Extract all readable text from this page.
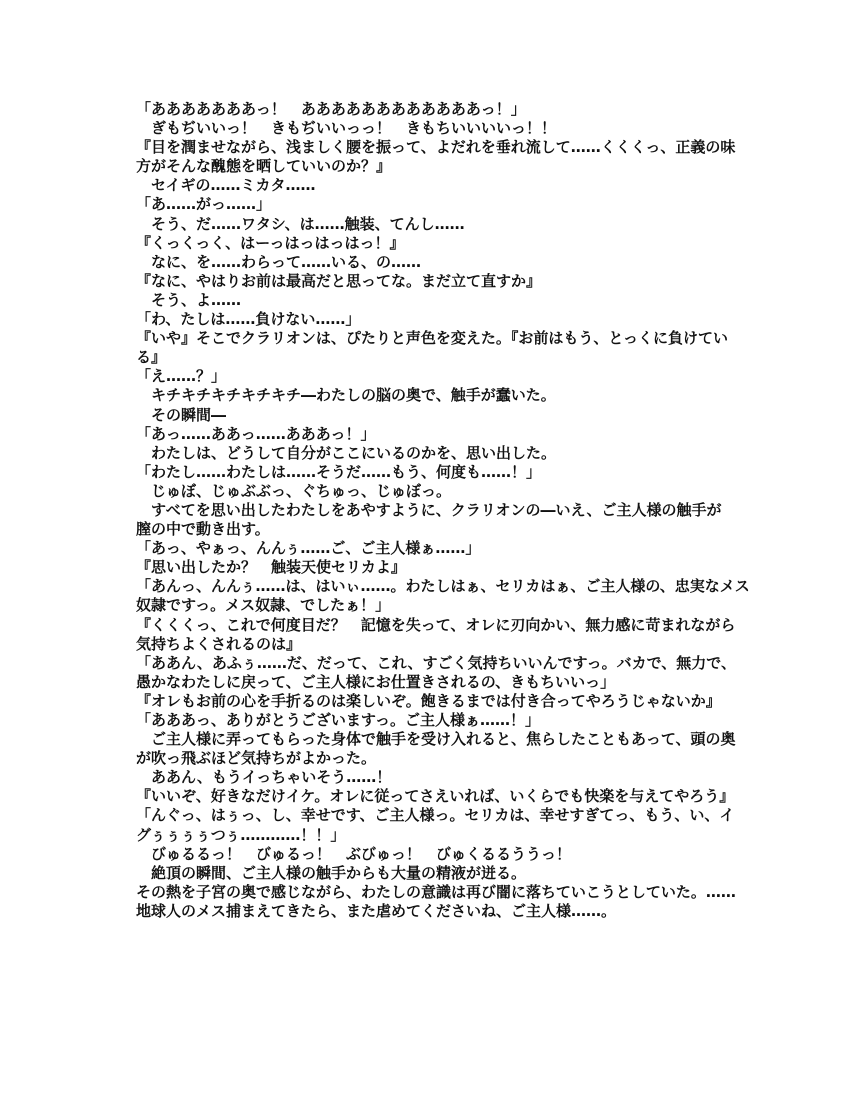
「あああああああっ！　ああああああああああああっ！」
　ぎもぢいいっ！　きもぢいいっっ！　きもちいいいいっ！！
『目を潤ませながら、浅ましく腰を振って、よだれを垂れ流して……くくくっ、正義の味
方がそんな醜態を晒していいのか？』
　セイギの……ミカタ……
「あ……がっ……」
　そう、だ……ワタシ、は……触装、てんし……
『くっくっく、はーっはっはっはっ！』
　なに、を……わらって……いる、の……
『なに、やはりお前は最高だと思ってな。まだ立て直すか』
　そう、よ……
「わ、たしは……負けない……」
『いや』そこでクラリオンは、ぴたりと声色を変えた。『お前はもう、とっくに負けてい
る』
「え……？」
　キチキチキチキチキチ―わたしの脳の奥で、触手が蠢いた。
　その瞬間―
「あっ……ああっ……あああっ！」
　わたしは、どうして自分がここにいるのかを、思い出した。
「わたし……わたしは……そうだ……もう、何度も……！」
　じゅぼ、じゅぶぶっ、ぐちゅっ、じゅぼっ。
　すべてを思い出したわたしをあやすように、クラリオンの―いえ、ご主人様の触手が
膣の中で動き出す。
「あっ、やぁっ、んんぅ……ご、ご主人様ぁ……」
『思い出したか？　触装天使セリカよ』
「あんっ、んんぅ……は、はいぃ……。わたしはぁ、セリカはぁ、ご主人様の、忠実なメス
奴隷ですっ。メス奴隷、でしたぁ！」
『くくくっ、これで何度目だ？　記憶を失って、オレに刃向かい、無力感に苛まれながら
気持ちよくされるのは』
「ああん、あふぅ……だ、だって、これ、すごく気持ちいいんですっ。バカで、無力で、
愚かなわたしに戻って、ご主人様にお仕置きされるの、きもちいいっ」
『オレもお前の心を手折るのは楽しいぞ。飽きるまでは付き合ってやろうじゃないか』
「あああっ、ありがとうございますっ。ご主人様ぁ……！」
　ご主人様に弄ってもらった身体で触手を受け入れると、焦らしたこともあって、頭の奥
が吹っ飛ぶほど気持ちがよかった。
　ああん、もうイっちゃいそう……！
『いいぞ、好きなだけイケ。オレに従ってさえいれば、いくらでも快楽を与えてやろう』
「んぐっ、はぅっ、し、幸せです、ご主人様っ。セリカは、幸せすぎてっ、もう、い、イ
グぅぅぅぅつぅ…………！！」
　びゅるるっ！　びゅるっ！　ぶびゅっ！　びゅくるるううっ！
　絶頂の瞬間、ご主人様の触手からも大量の精液が迸る。
その熱を子宮の奥で感じながら、わたしの意識は再び闇に落ちていこうとしていた。……
地球人のメス捕まえてきたら、また虐めてくださいね、ご主人様……。
